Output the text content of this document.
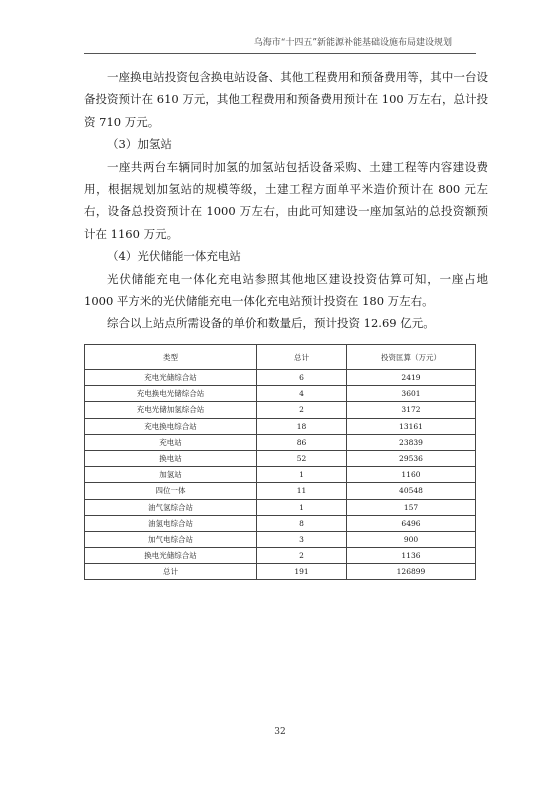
乌海市“十四五”新能源补能基础设施布局建设规划

一座换电站投资包含换电站设备、其他工程费用和预备费用等，其中一台设备投资预计在 610 万元，其他工程费用和预备费用预计在 100 万左右，总计投资 710 万元。

（3）加氢站

一座共两台车辆同时加氢的加氢站包括设备采购、土建工程等内容建设费用，根据规划加氢站的规模等级，土建工程方面单平米造价预计在 800 元左右，设备总投资预计在 1000 万左右，由此可知建设一座加氢站的总投资额预计在 1160 万元。

（4）光伏储能一体充电站

光伏储能充电一体化充电站参照其他地区建设投资估算可知，一座占地1000 平方米的光伏储能充电一体化充电站预计投资在 180 万左右。

综合以上站点所需设备的单价和数量后，预计投资 12.69 亿元。

类型	总计	投资匡算（万元）
充电光储综合站	6	2419
充电换电光储综合站	4	3601
充电光储加氢综合站	2	3172
充电换电综合站	18	13161
充电站	86	23839
换电站	52	29536
加氢站	1	1160
四位一体	11	40548
油气氢综合站	1	157
油氢电综合站	8	6496
加气电综合站	3	900
换电光储综合站	2	1136
总计	191	126899
32
